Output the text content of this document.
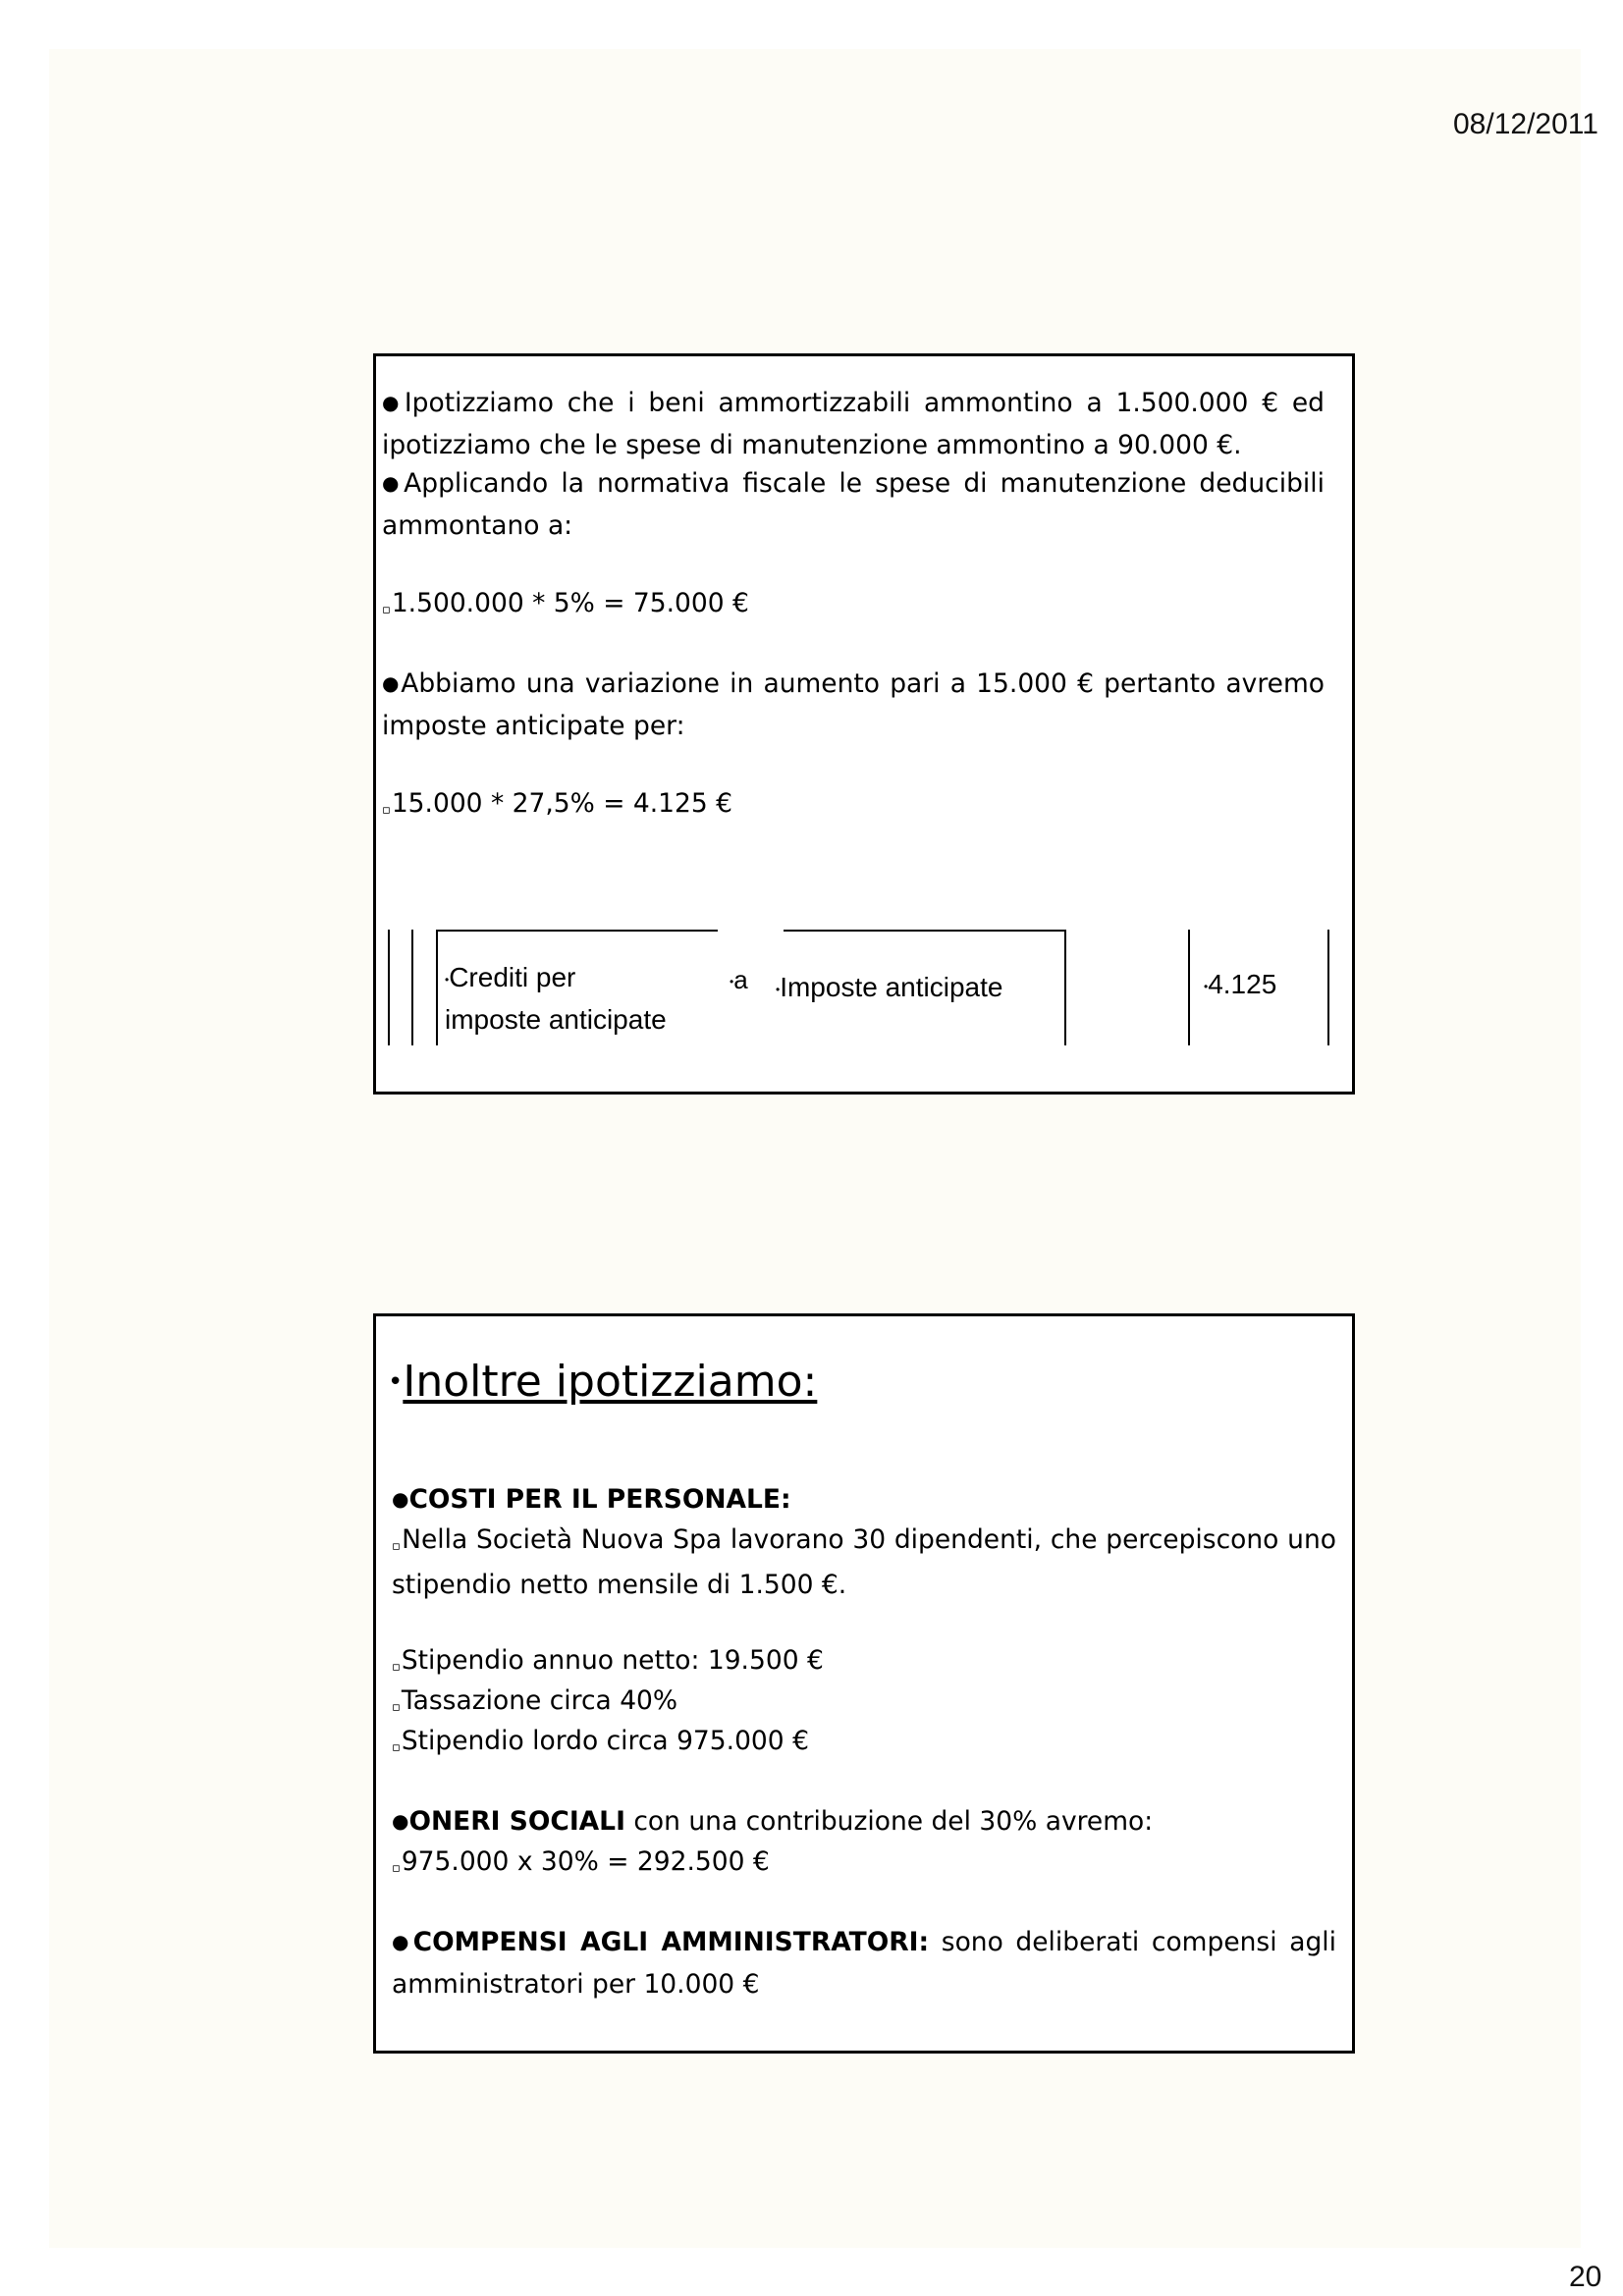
08/12/2011

●Ipotizziamo che i beni ammortizzabili ammontino a 1.500.000 € ed ipotizziamo che le spese di manutenzione ammontino a 90.000 €.

●Applicando la normativa fiscale le spese di manutenzione deducibili ammontano a:

▫1.500.000 * 5% = 75.000 €

●Abbiamo una variazione in aumento pari a 15.000 € pertanto avremo imposte anticipate per:

▫15.000 * 27,5% = 4.125 €

•Crediti per
imposte anticipate
•a •Imposte anticipate	•4.125

•Inoltre ipotizziamo:

●COSTI PER IL PERSONALE:

▫Nella Società Nuova Spa lavorano 30 dipendenti, che percepiscono uno stipendio netto mensile di 1.500 €.

▫Stipendio annuo netto: 19.500 €

▫Tassazione circa 40%

▫Stipendio lordo circa 975.000 €

●ONERI SOCIALI con una contribuzione del 30% avremo:

▫975.000 x 30% = 292.500 €

●COMPENSI AGLI AMMINISTRATORI: sono deliberati compensi agli amministratori per 10.000 €

20
